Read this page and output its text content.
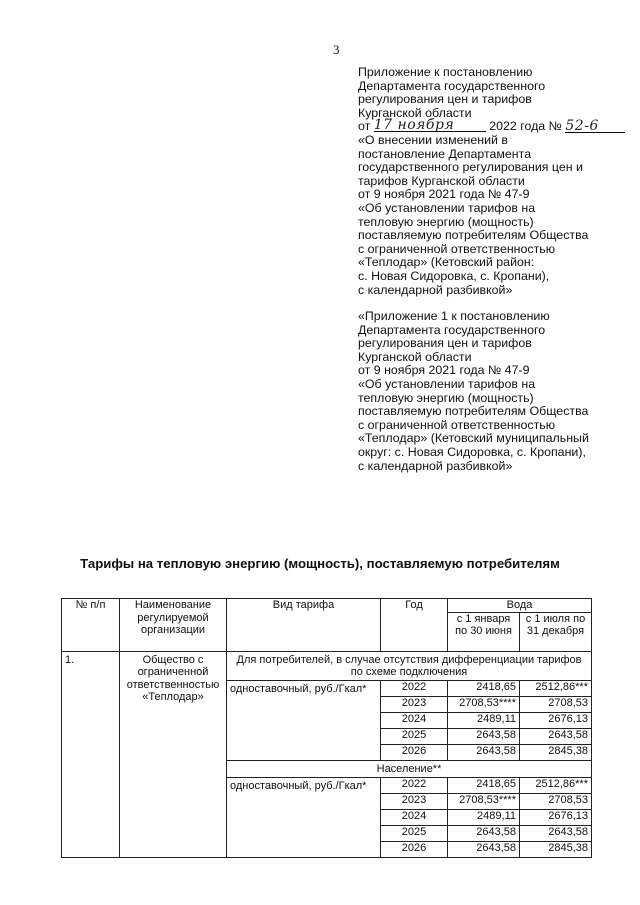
3
Приложение к постановлению
Департамента государственного
регулирования цен и тарифов
Курганской области
от 17 ноября	2022 года № 52-6
«О внесении изменений в
постановление Департамента
государственного регулирования цен и
тарифов Курганской области
от 9 ноября 2021 года № 47-9
«Об установлении тарифов на
тепловую энергию (мощность)
поставляемую потребителям Общества
с ограниченной ответственностью
«Теплодар» (Кетовский район:
с. Новая Сидоровка, с. Кропани),
с календарной разбивкой»
«Приложение 1 к постановлению
Департамента государственного
регулирования цен и тарифов
Курганской области
от 9 ноября 2021 года № 47-9
«Об установлении тарифов на
тепловую энергию (мощность)
поставляемую потребителям Общества
с ограниченной ответственностью
«Теплодар» (Кетовский муниципальный
округ: с. Новая Сидоровка, с. Кропани),
с календарной разбивкой»
Тарифы на тепловую энергию (мощность), поставляемую потребителям
№ п/п	Наименование регулируемой организации	Вид тарифа	Год	Вода	
				с 1 января по 30 июня	с 1 июля по 31 декабря
1.	Общество с ограниченной ответственностью «Теплодар»	Для потребителей, в случае отсутствия дифференциации тарифов по схеме подключения			
		одноставочный, руб./Гкал*	2022	2418,65	2512,86***
			2023	2708,53****	2708,53
			2024	2489,11	2676,13
			2025	2643,58	2643,58
			2026	2643,58	2845,38
		Население**			
		одноставочный, руб./Гкал*	2022	2418,65	2512,86***
			2023	2708,53****	2708,53
			2024	2489,11	2676,13
			2025	2643,58	2643,58
			2026	2643,58	2845,38
